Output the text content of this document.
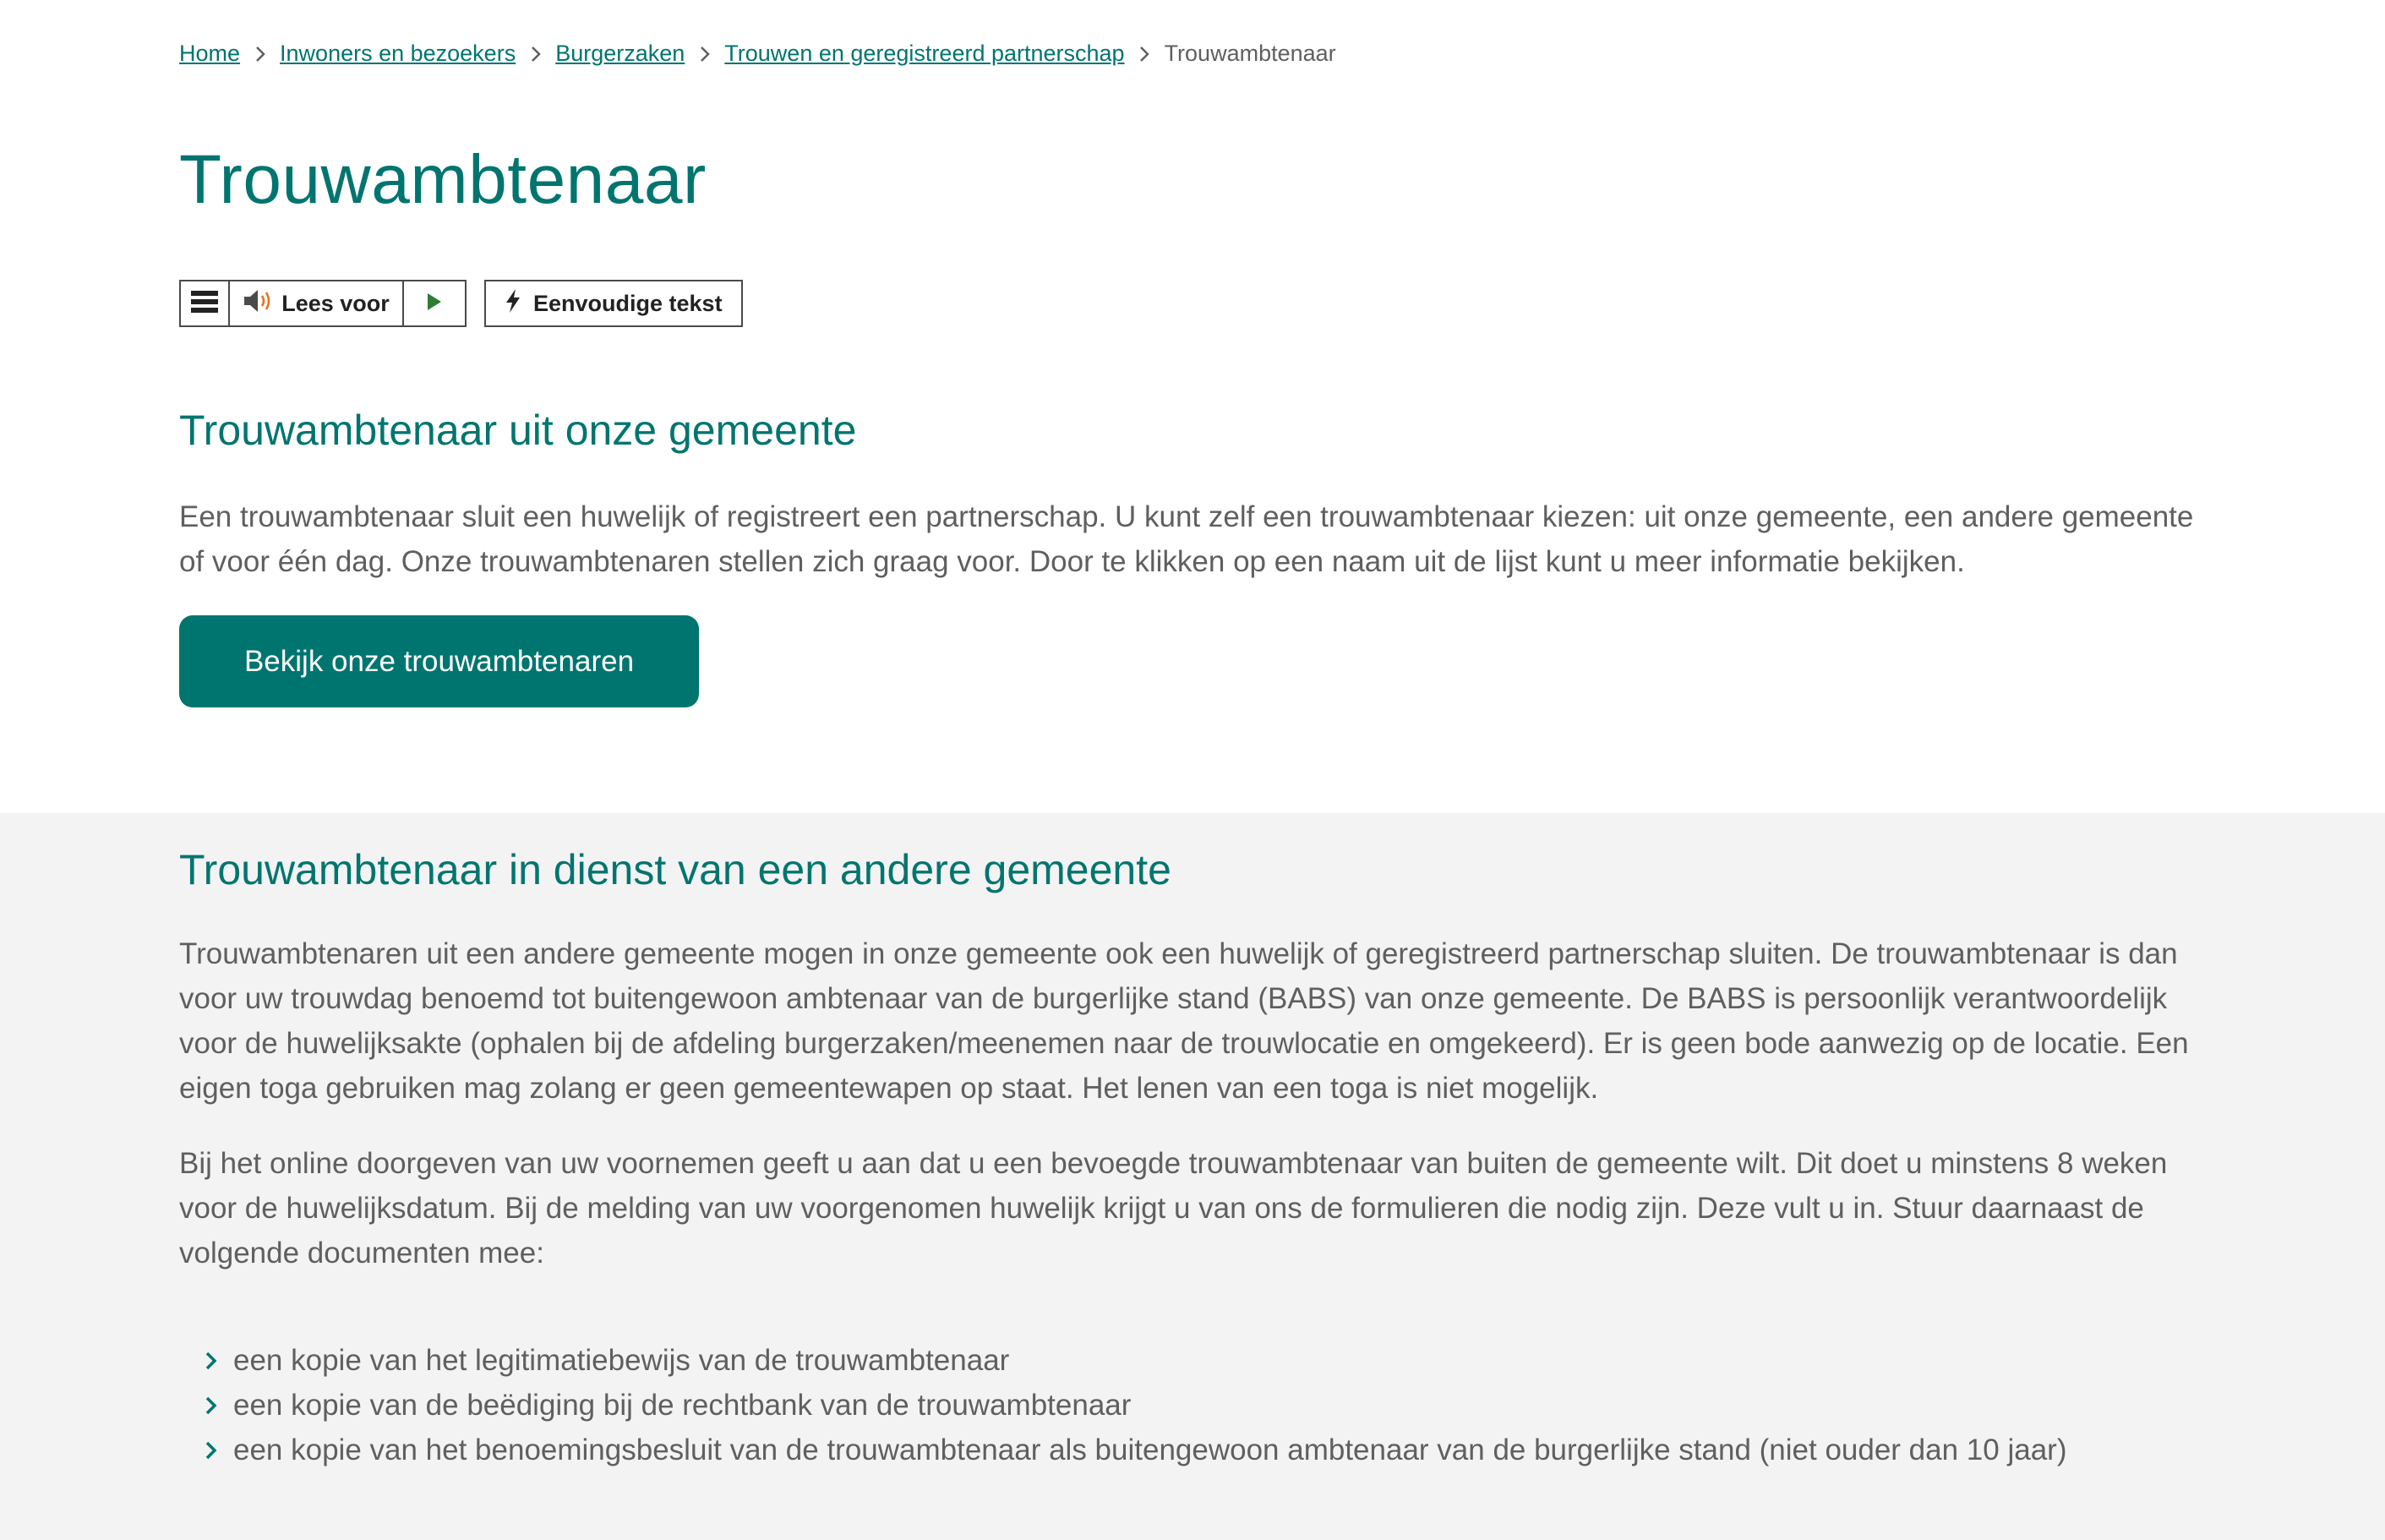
Home Inwoners en bezoekers Burgerzaken Trouwen en geregistreerd partnerschap Trouwambtenaar
Trouwambtenaar
Lees voor	Eenvoudige tekst
Trouwambtenaar uit onze gemeente

Een trouwambtenaar sluit een huwelijk of registreert een partnerschap. U kunt zelf een trouwambtenaar kiezen: uit onze gemeente, een andere gemeente of voor één dag. Onze trouwambtenaren stellen zich graag voor. Door te klikken op een naam uit de lijst kunt u meer informatie bekijken.

Bekijk onze trouwambtenaren
Trouwambtenaar in dienst van een andere gemeente

Trouwambtenaren uit een andere gemeente mogen in onze gemeente ook een huwelijk of geregistreerd partnerschap sluiten. De trouwambtenaar is dan voor uw trouwdag benoemd tot buitengewoon ambtenaar van de burgerlijke stand (BABS) van onze gemeente. De BABS is persoonlijk verantwoordelijk voor de huwelijksakte (ophalen bij de afdeling burgerzaken/meenemen naar de trouwlocatie en omgekeerd). Er is geen bode aanwezig op de locatie. Een eigen toga gebruiken mag zolang er geen gemeentewapen op staat. Het lenen van een toga is niet mogelijk.

Bij het online doorgeven van uw voornemen geeft u aan dat u een bevoegde trouwambtenaar van buiten de gemeente wilt. Dit doet u minstens 8 weken voor de huwelijksdatum. Bij de melding van uw voorgenomen huwelijk krijgt u van ons de formulieren die nodig zijn. Deze vult u in. Stuur daarnaast de volgende documenten mee:

een kopie van het legitimatiebewijs van de trouwambtenaar
een kopie van de beëdiging bij de rechtbank van de trouwambtenaar
een kopie van het benoemingsbesluit van de trouwambtenaar als buitengewoon ambtenaar van de burgerlijke stand (niet ouder dan 10 jaar)
